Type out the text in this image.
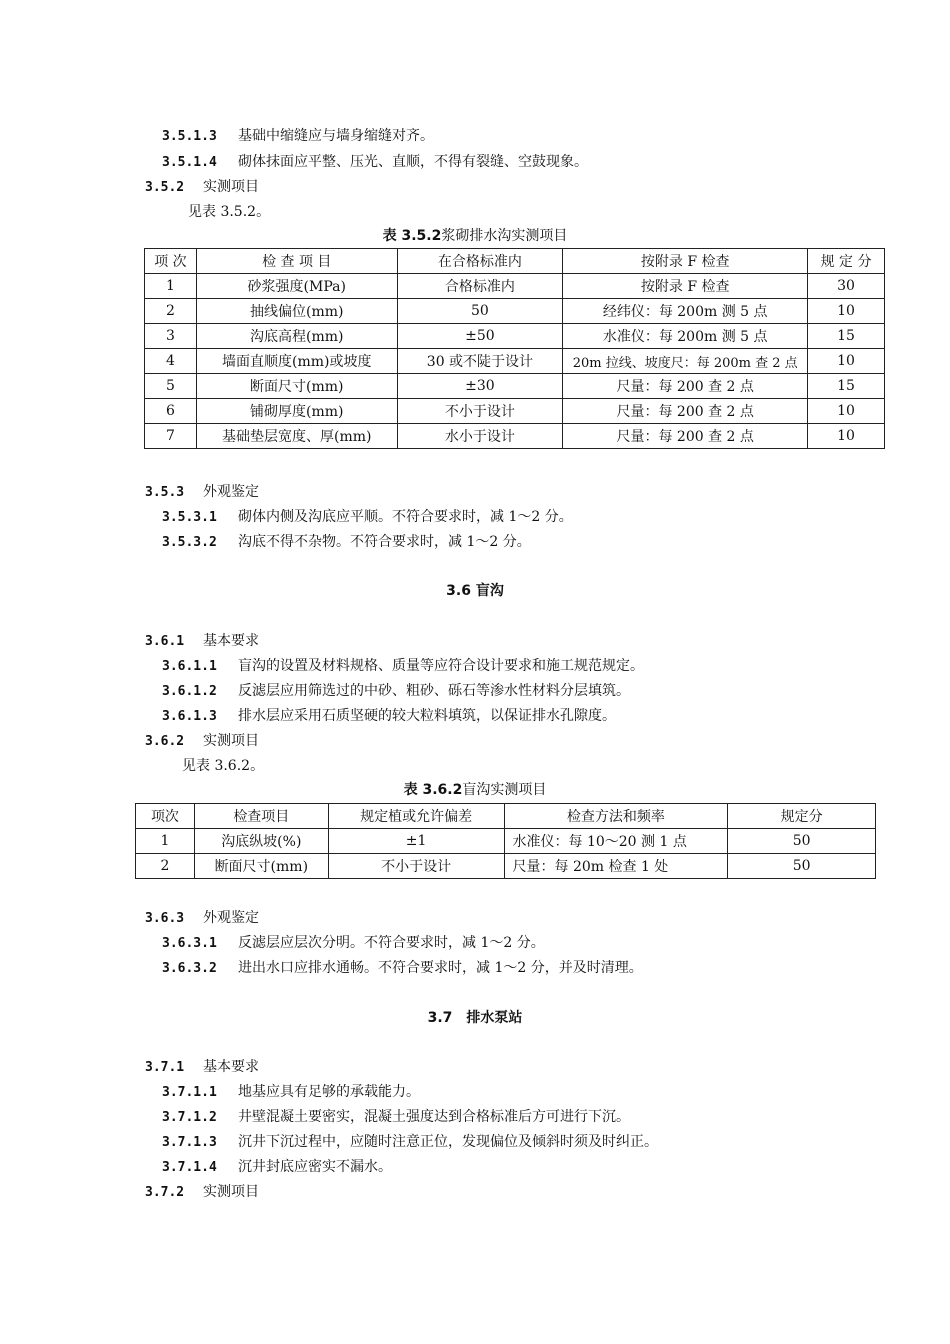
3.5.1.3 基础中缩缝应与墙身缩缝对齐。
3.5.1.4 砌体抹面应平整、压光、直顺，不得有裂缝、空鼓现象。
3.5.2 实测项目
见表 3.5.2。
表 3.5.2浆砌排水沟实测项目
项 次	检 查 项 目	在合格标准内	按附录 F 检查	规 定 分
1	砂浆强度(MPa)	合格标准内	按附录 F 检查	30
2	抽线偏位(mm)	50	经纬仪：每 200m 测 5 点	10
3	沟底高程(mm)	±50	水准仪：每 200m 测 5 点	15
4	墙面直顺度(mm)或坡度	30 或不陡于设计	20m 拉线、坡度尺：每 200m 查 2 点	10
5	断面尺寸(mm)	±30	尺量：每 200 查 2 点	15
6	铺砌厚度(mm)	不小于设计	尺量：每 200 查 2 点	10
7	基础垫层宽度、厚(mm)	水小于设计	尺量：每 200 查 2 点	10
3.5.3 外观鉴定
3.5.3.1 砌体内侧及沟底应平顺。不符合要求时，减 1～2 分。
3.5.3.2 沟底不得不杂物。不符合要求时，减 1～2 分。
3.6 盲沟
3.6.1 基本要求
3.6.1.1 盲沟的设置及材料规格、质量等应符合设计要求和施工规范规定。
3.6.1.2 反滤层应用筛选过的中砂、粗砂、砾石等渗水性材料分层填筑。
3.6.1.3 排水层应采用石质坚硬的较大粒料填筑，以保证排水孔隙度。
3.6.2 实测项目
见表 3.6.2。
表 3.6.2盲沟实测项目
项次	检查项目	规定植或允许偏差	检查方法和频率	规定分
1	沟底纵坡(%)	±1	水准仪：每 10～20 测 1 点	50
2	断面尺寸(mm)	不小于设计	尺量：每 20m 检查 1 处	50
3.6.3 外观鉴定
3.6.3.1 反滤层应层次分明。不符合要求时，减 1～2 分。
3.6.3.2 进出水口应排水通畅。不符合要求时，减 1～2 分，并及时清理。
3.7　排水泵站
3.7.1 基本要求
3.7.1.1 地基应具有足够的承载能力。
3.7.1.2 井壁混凝土要密实，混凝土强度达到合格标准后方可进行下沉。
3.7.1.3 沉井下沉过程中，应随时注意正位，发现偏位及倾斜时须及时纠正。
3.7.1.4 沉井封底应密实不漏水。
3.7.2 实测项目
